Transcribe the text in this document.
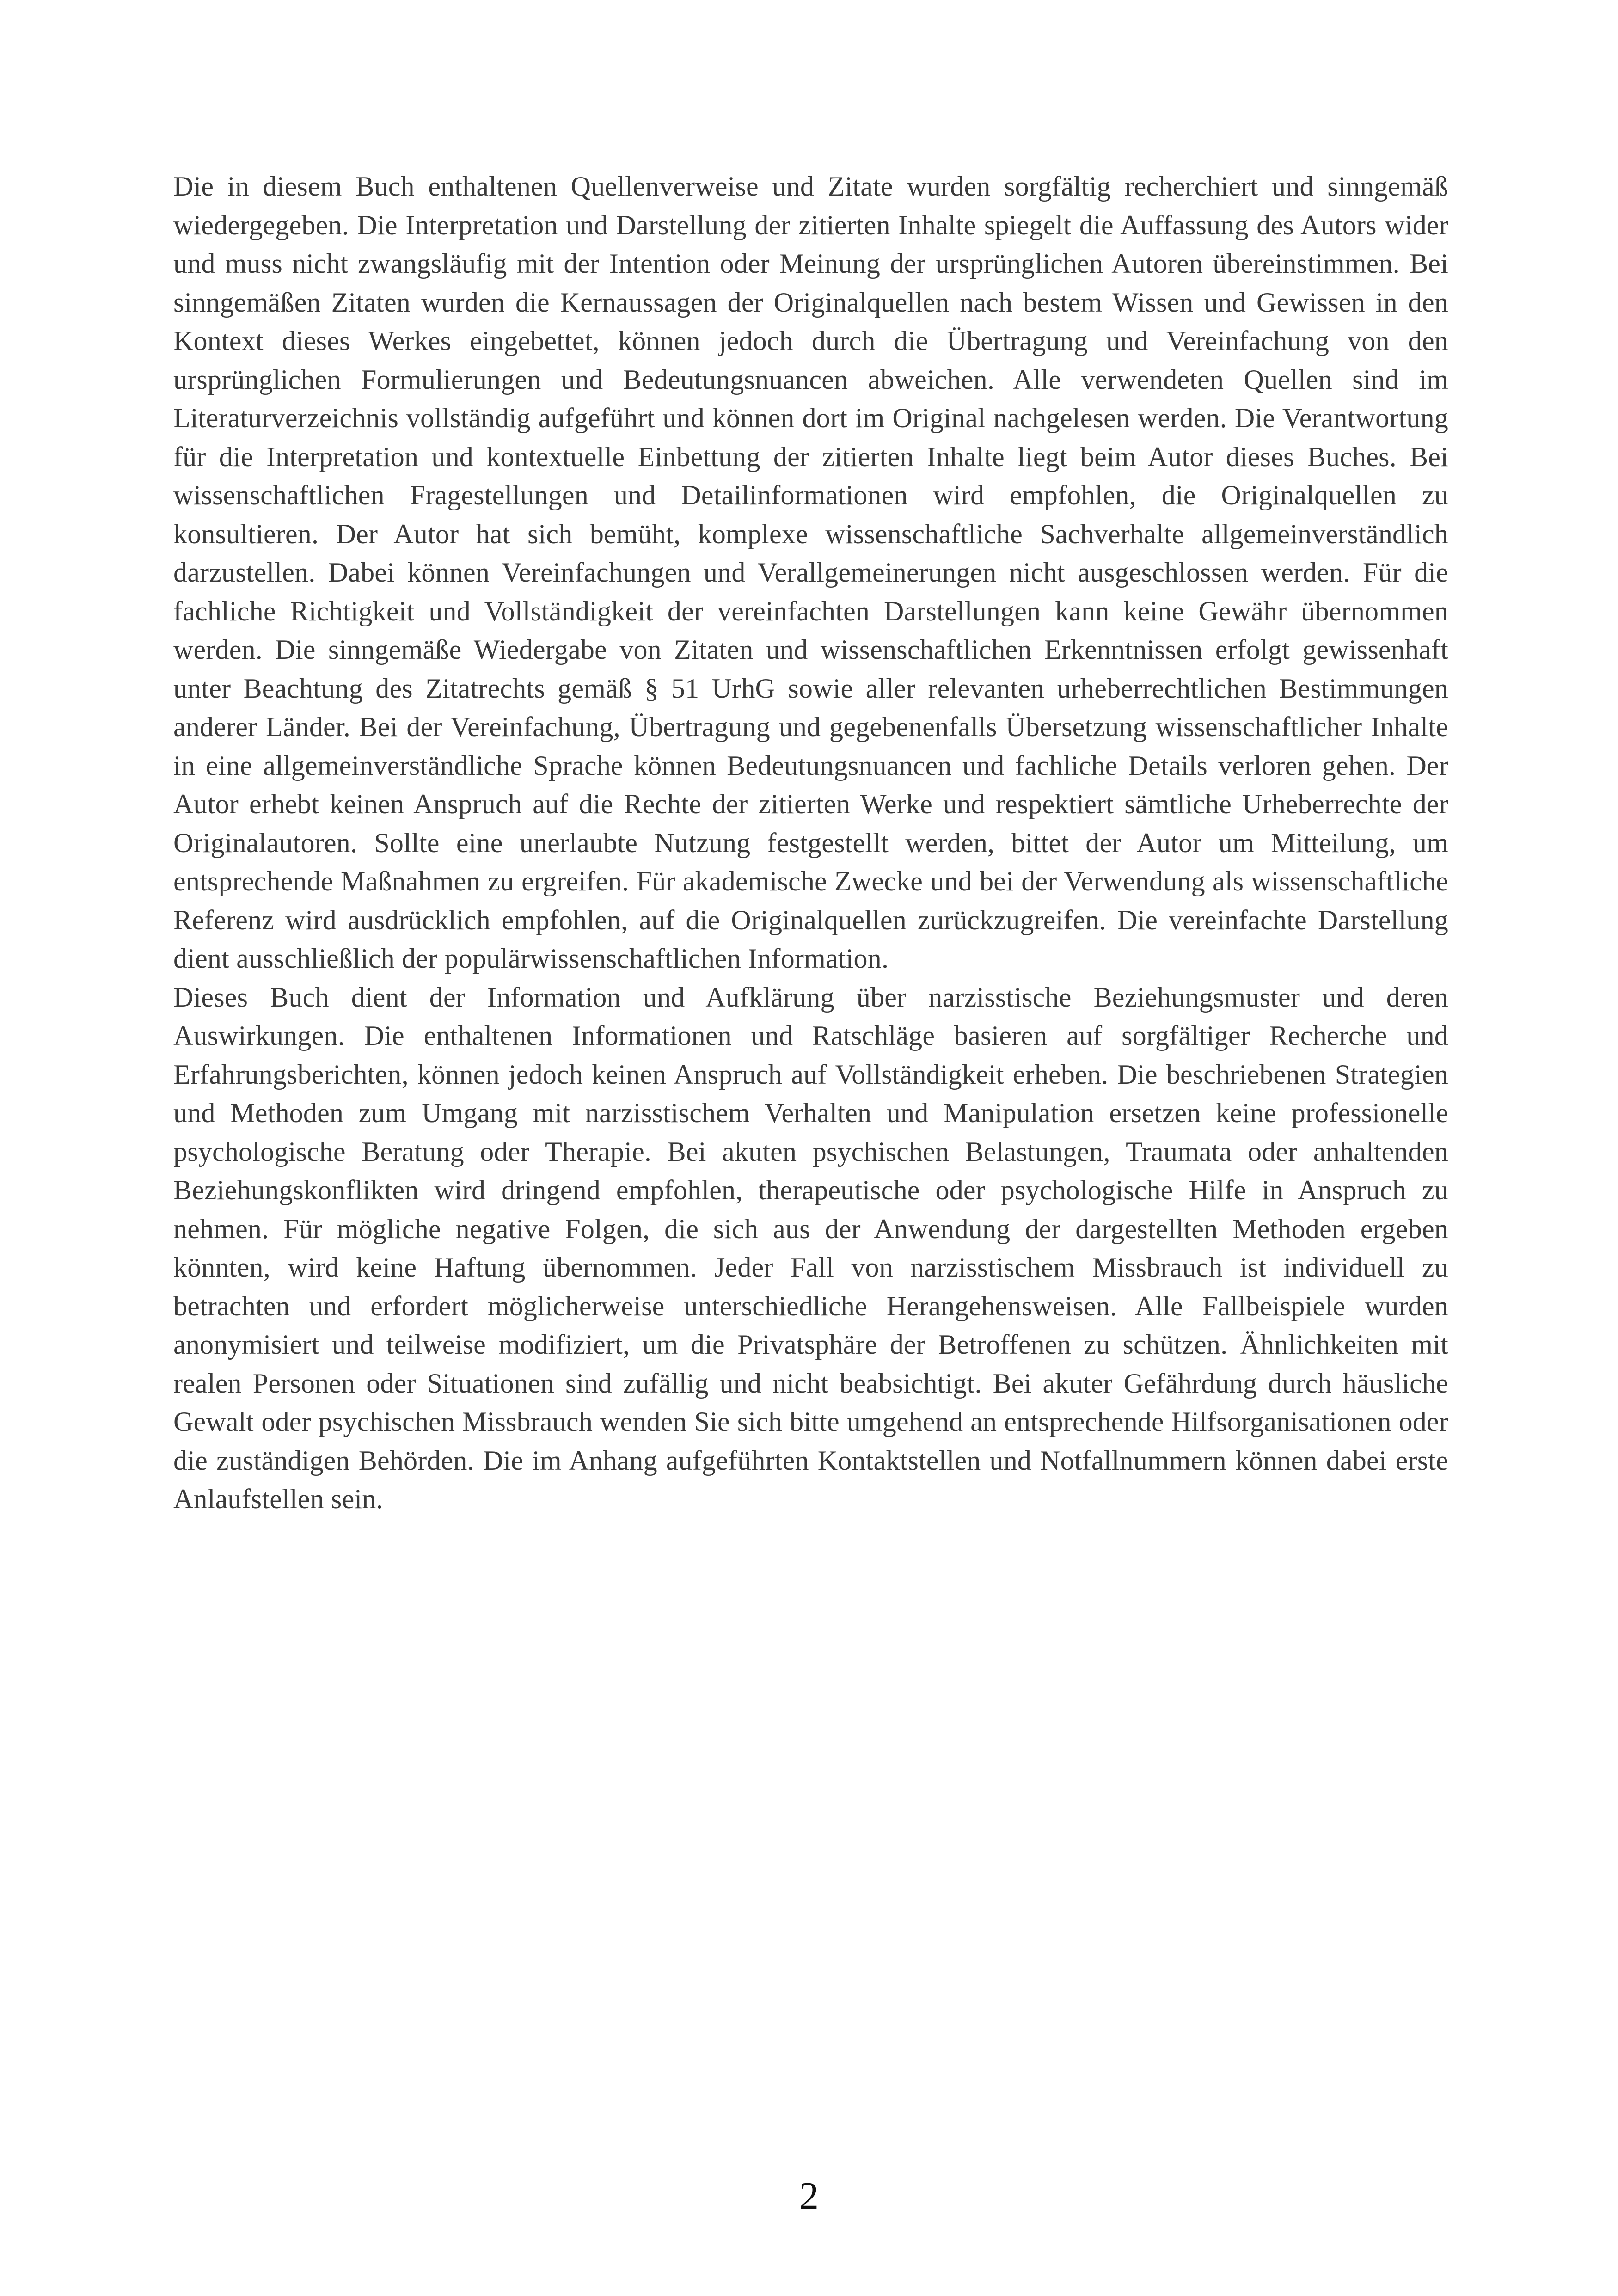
Die in diesem Buch enthaltenen Quellenverweise und Zitate wurden sorgfältig recherchiert und sinngemäß wiedergegeben. Die Interpretation und Darstellung der zitierten Inhalte spiegelt die Auffassung des Autors wider und muss nicht zwangsläufig mit der Intention oder Meinung der ursprünglichen Autoren übereinstimmen. Bei sinngemäßen Zitaten wurden die Kernaussagen der Originalquellen nach bestem Wissen und Gewissen in den Kontext dieses Werkes eingebettet, können jedoch durch die Übertragung und Vereinfachung von den ursprünglichen Formulierungen und Bedeutungsnuancen abweichen. Alle verwendeten Quellen sind im Literaturverzeichnis vollständig aufgeführt und können dort im Original nachgelesen werden. Die Verantwortung für die Interpretation und kontextuelle Einbettung der zitierten Inhalte liegt beim Autor dieses Buches. Bei wissenschaftlichen Fragestellungen und Detailinformationen wird empfohlen, die Originalquellen zu konsultieren. Der Autor hat sich bemüht, komplexe wissenschaftliche Sachverhalte allgemeinverständlich darzustellen. Dabei können Vereinfachungen und Verallgemeinerungen nicht ausgeschlossen werden. Für die fachliche Richtigkeit und Vollständigkeit der vereinfachten Darstellungen kann keine Gewähr übernommen werden. Die sinngemäße Wiedergabe von Zitaten und wissenschaftlichen Erkenntnissen erfolgt gewissenhaft unter Beachtung des Zitatrechts gemäß § 51 UrhG sowie aller relevanten urheberrechtlichen Bestimmungen anderer Länder. Bei der Vereinfachung, Übertragung und gegebenenfalls Übersetzung wissenschaftlicher Inhalte in eine allgemeinverständliche Sprache können Bedeutungsnuancen und fachliche Details verloren gehen. Der Autor erhebt keinen Anspruch auf die Rechte der zitierten Werke und respektiert sämtliche Urheberrechte der Originalautoren. Sollte eine unerlaubte Nutzung festgestellt werden, bittet der Autor um Mitteilung, um entsprechende Maßnahmen zu ergreifen. Für akademische Zwecke und bei der Verwendung als wissenschaftliche Referenz wird ausdrücklich empfohlen, auf die Originalquellen zurückzugreifen. Die vereinfachte Darstellung dient ausschließlich der populärwissenschaftlichen Information.

Dieses Buch dient der Information und Aufklärung über narzisstische Beziehungsmuster und deren Auswirkungen. Die enthaltenen Informationen und Ratschläge basieren auf sorgfältiger Recherche und Erfahrungsberichten, können jedoch keinen Anspruch auf Vollständigkeit erheben. Die beschriebenen Strategien und Methoden zum Umgang mit narzisstischem Verhalten und Manipulation ersetzen keine professionelle psychologische Beratung oder Therapie. Bei akuten psychischen Belastungen, Traumata oder anhaltenden Beziehungskonflikten wird dringend empfohlen, therapeutische oder psychologische Hilfe in Anspruch zu nehmen. Für mögliche negative Folgen, die sich aus der Anwendung der dargestellten Methoden ergeben könnten, wird keine Haftung übernommen. Jeder Fall von narzisstischem Missbrauch ist individuell zu betrachten und erfordert möglicherweise unterschiedliche Herangehensweisen. Alle Fallbeispiele wurden anonymisiert und teilweise modifiziert, um die Privatsphäre der Betroffenen zu schützen. Ähnlichkeiten mit realen Personen oder Situationen sind zufällig und nicht beabsichtigt. Bei akuter Gefährdung durch häusliche Gewalt oder psychischen Missbrauch wenden Sie sich bitte umgehend an entsprechende Hilfsorganisationen oder die zuständigen Behörden. Die im Anhang aufgeführten Kontaktstellen und Notfallnummern können dabei erste Anlaufstellen sein.

2
